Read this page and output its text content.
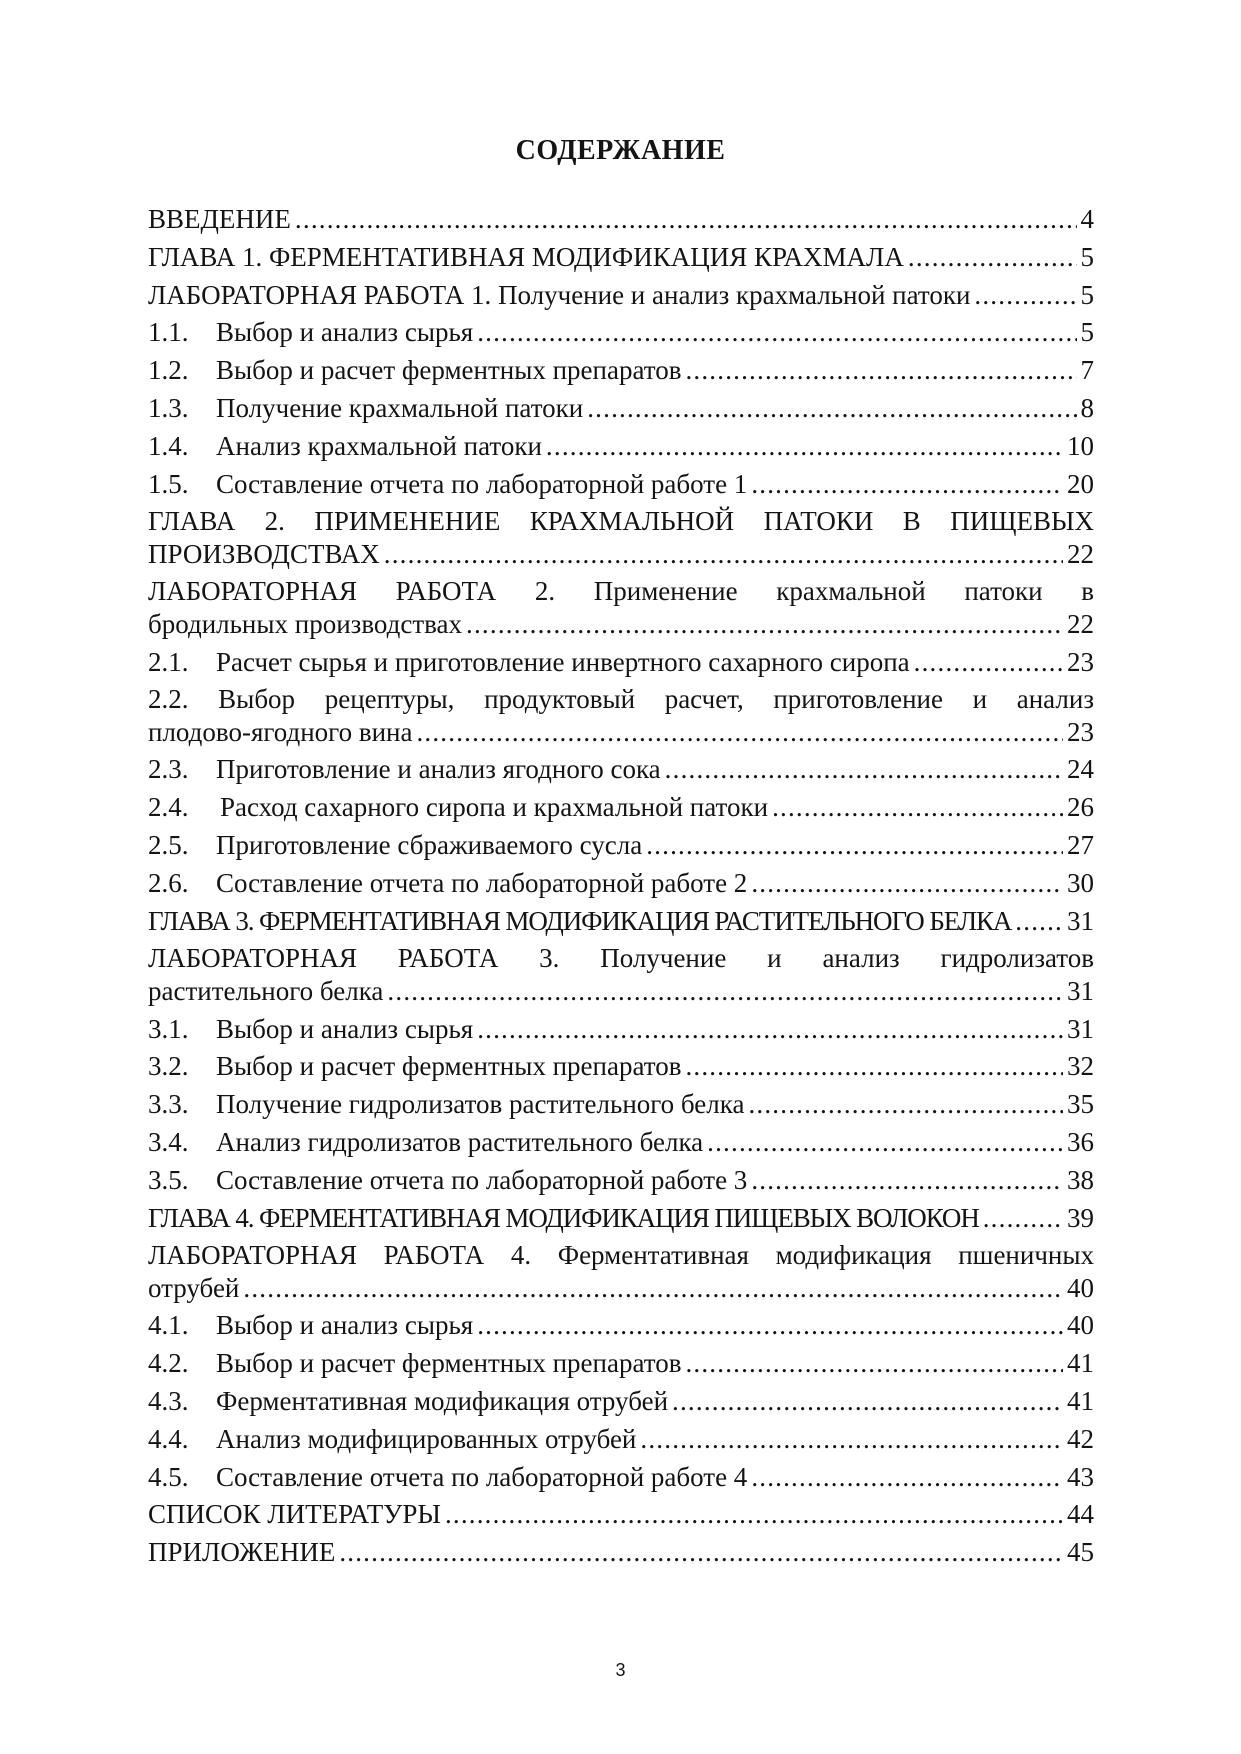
СОДЕРЖАНИЕ
ВВЕДЕНИЕ .....	4
ГЛАВА 1. ФЕРМЕНТАТИВНАЯ МОДИФИКАЦИЯ КРАХМАЛА .....	5
ЛАБОРАТОРНАЯ РАБОТА 1. Получение и анализ крахмальной патоки .....	5
1.1.	Выбор и анализ сырья .....	5
1.2.	Выбор и расчет ферментных препаратов .....	7
1.3.	Получение крахмальной патоки .....	8
1.4.	Анализ крахмальной патоки .....	10
1.5.	Составление отчета по лабораторной работе 1 .....	20
ГЛАВА 2. ПРИМЕНЕНИЕ КРАХМАЛЬНОЙ ПАТОКИ В ПИЩЕВЫХ
ПРОИЗВОДСТВАХ .....	22
ЛАБОРАТОРНАЯ РАБОТА 2. Применение крахмальной патоки в
бродильных производствах .....	22
2.1.	Расчет сырья и приготовление инвертного сахарного сиропа .....	23
2.2. Выбор рецептуры, продуктовый расчет, приготовление и анализ
плодово-ягодного вина .....	23
2.3.	Приготовление и анализ ягодного сока .....	24
2.4.	Расход сахарного сиропа и крахмальной патоки .....	26
2.5.	Приготовление сбраживаемого сусла .....	27
2.6.	Составление отчета по лабораторной работе 2 .....	30
ГЛАВА 3. ФЕРМЕНТАТИВНАЯ МОДИФИКАЦИЯ РАСТИТЕЛЬНОГО БЕЛКА ..... 31
ЛАБОРАТОРНАЯ РАБОТА 3. Получение и анализ гидролизатов
растительного белка .....	31
3.1.	Выбор и анализ сырья .....	31
3.2.	Выбор и расчет ферментных препаратов .....	32
3.3.	Получение гидролизатов растительного белка .....	35
3.4.	Анализ гидролизатов растительного белка .....	36
3.5.	Составление отчета по лабораторной работе 3 .....	38
ГЛАВА 4. ФЕРМЕНТАТИВНАЯ МОДИФИКАЦИЯ ПИЩЕВЫХ ВОЛОКОН .....	39
ЛАБОРАТОРНАЯ РАБОТА 4. Ферментативная модификация пшеничных
отрубей .....	40
4.1.	Выбор и анализ сырья .....	40
4.2.	Выбор и расчет ферментных препаратов .....	41
4.3.	Ферментативная модификация отрубей .....	41
4.4.	Анализ модифицированных отрубей .....	42
4.5.	Составление отчета по лабораторной работе 4 .....	43
СПИСОК ЛИТЕРАТУРЫ .....	44
ПРИЛОЖЕНИЕ .....	45
3
